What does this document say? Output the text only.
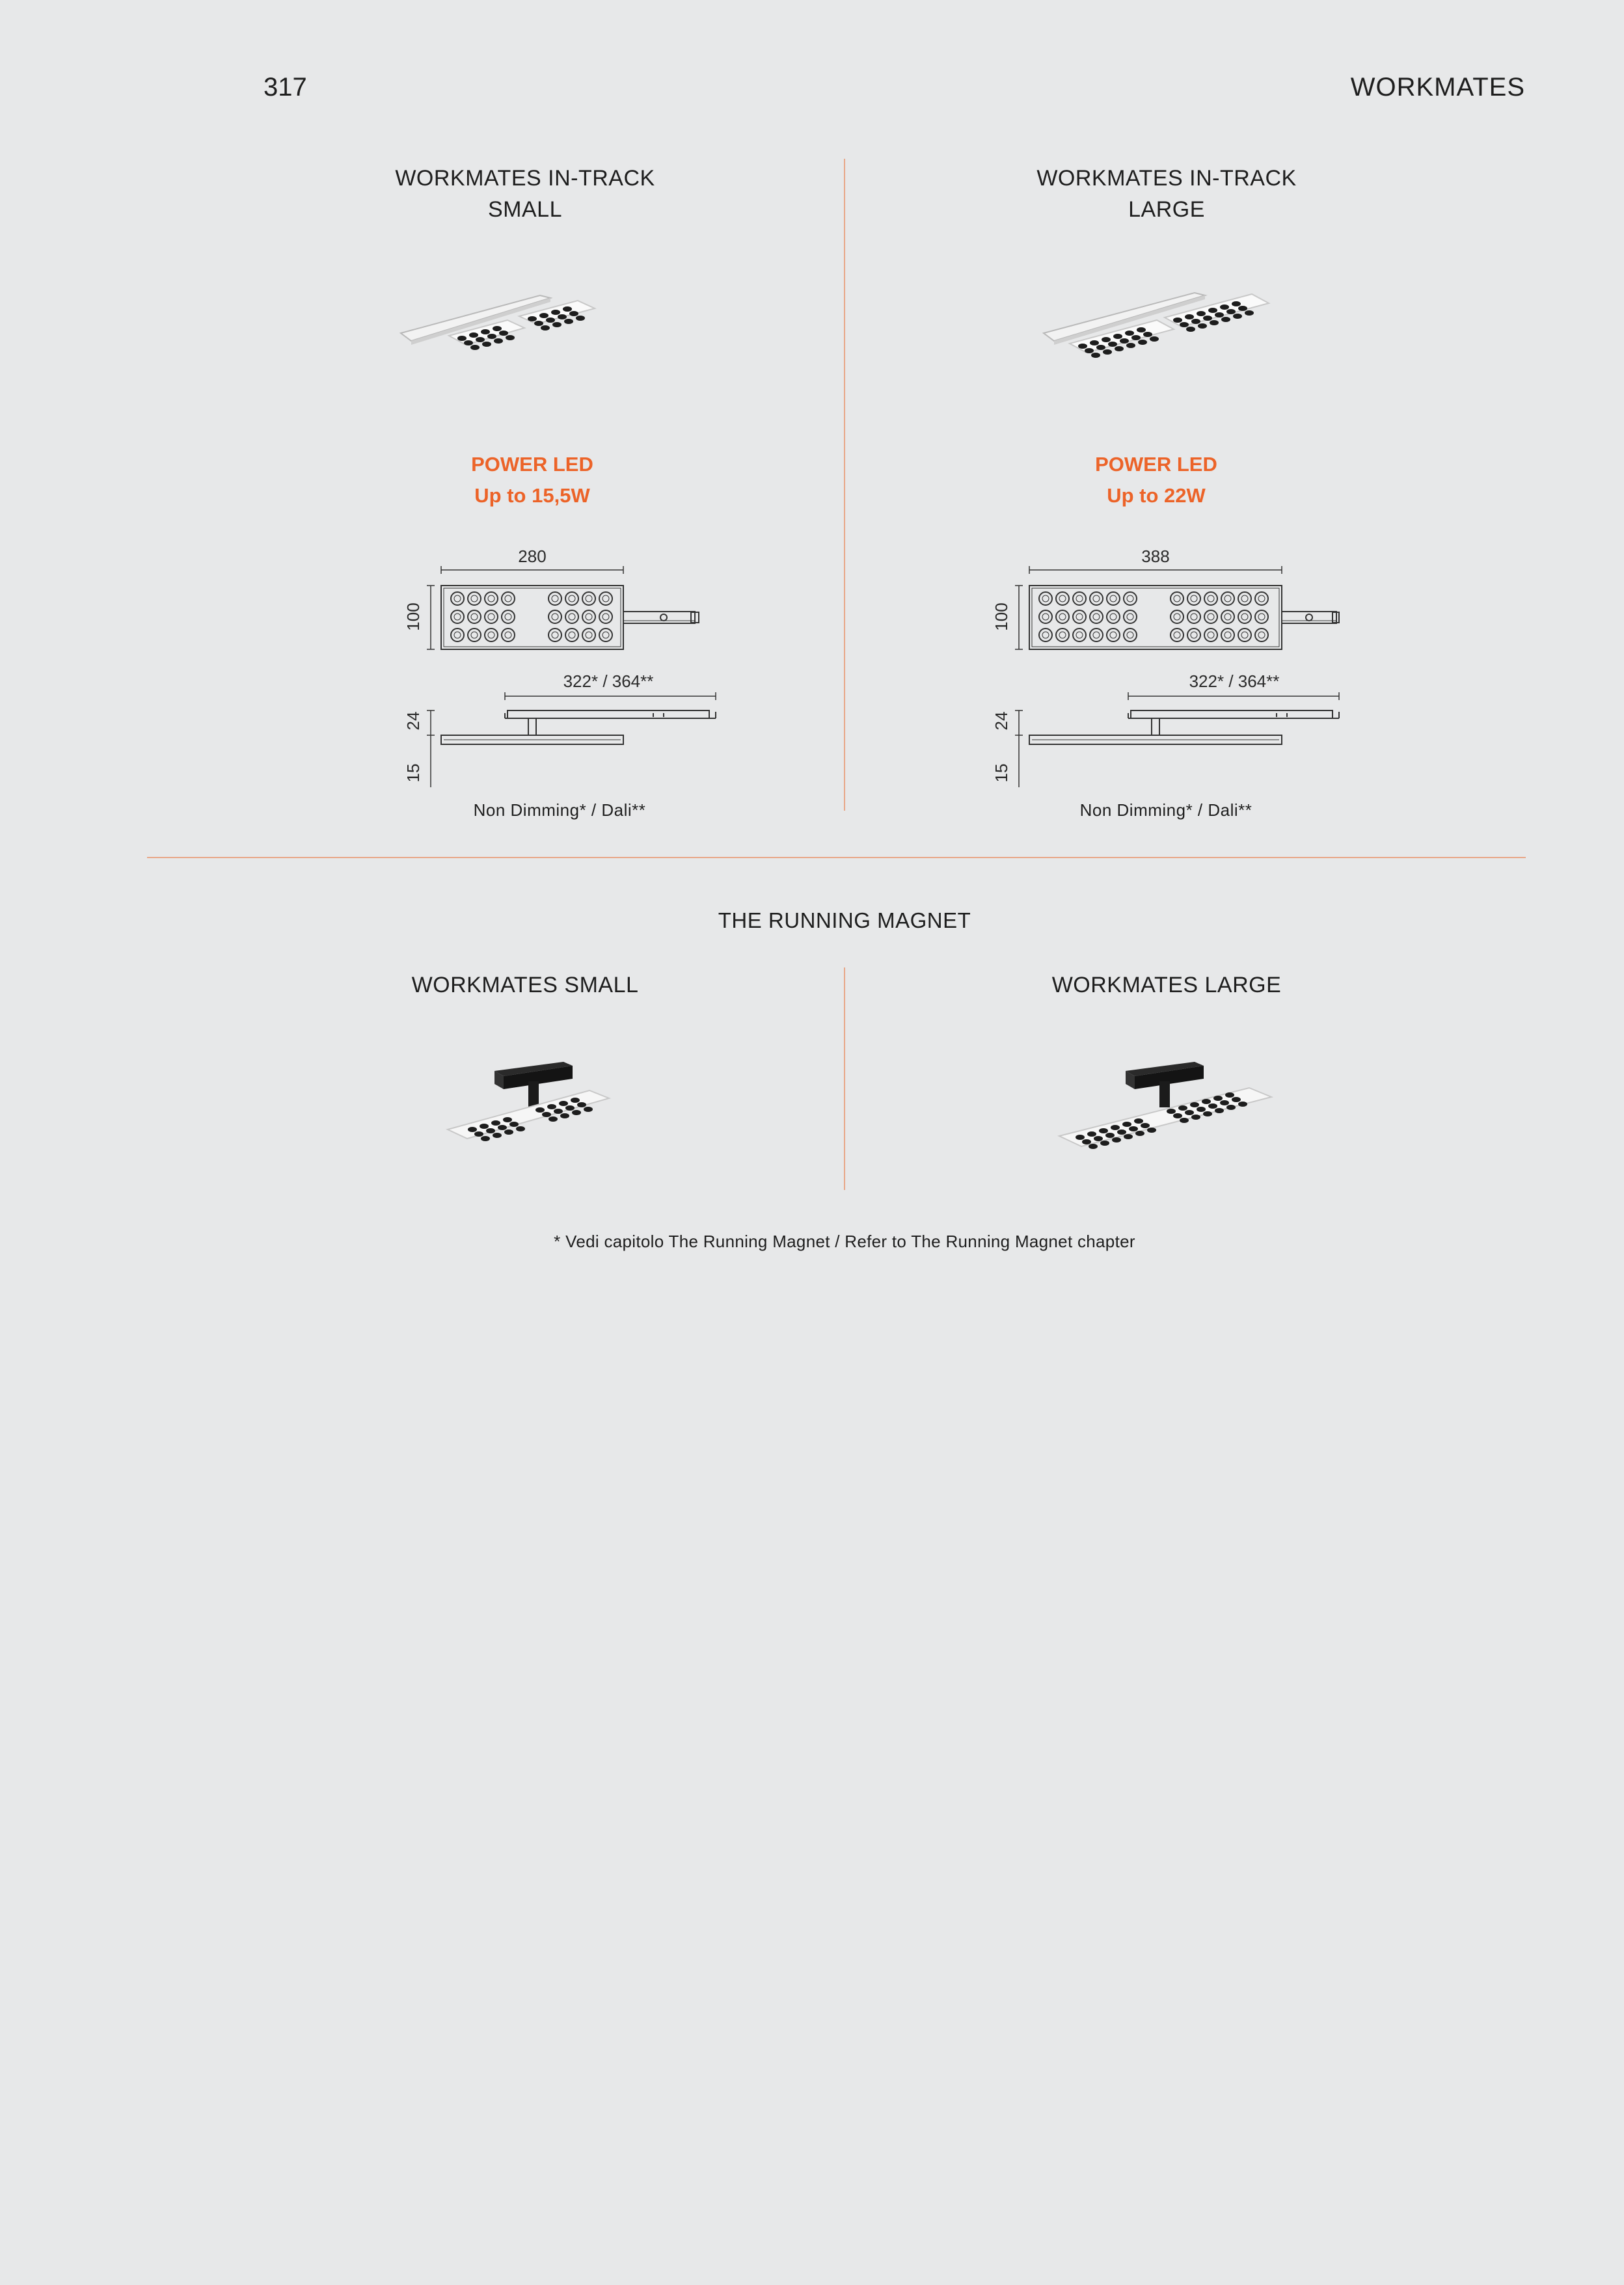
317	WORKMATES
WORKMATES IN-TRACK
SMALL
POWER LED
Up to 15,5W
280
100
322* / 364**
24
15
Non Dimming* / Dali**
WORKMATES IN-TRACK
LARGE
POWER LED
Up to 22W
388
100
322* / 364**
24
15
Non Dimming* / Dali**
THE RUNNING MAGNET
WORKMATES SMALL	WORKMATES LARGE
* Vedi capitolo The Running Magnet / Refer to The Running Magnet chapter
